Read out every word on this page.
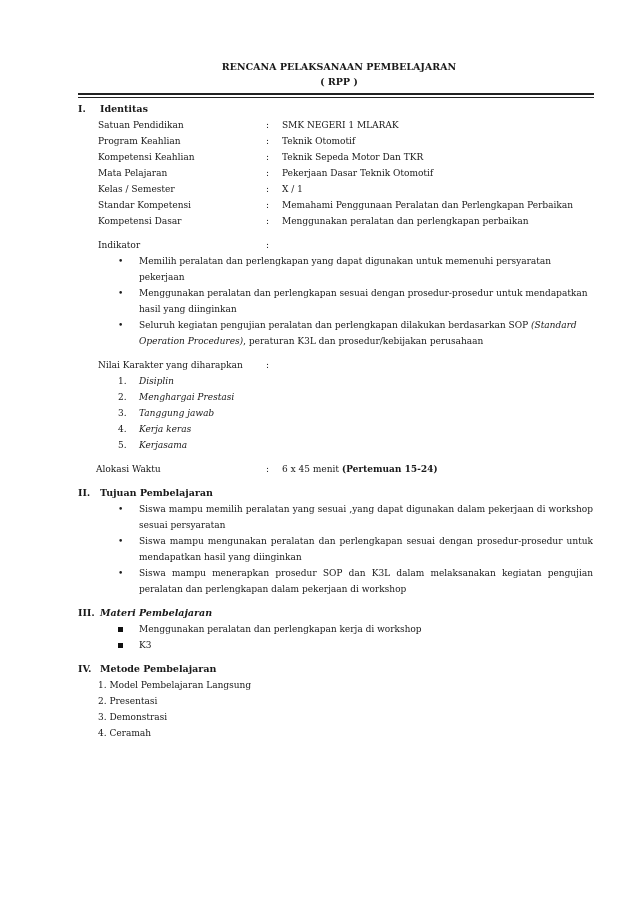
RENCANA PELAKSANAAN PEMBELAJARAN
( RPP )
I.	Identitas
Satuan Pendidikan	: SMK NEGERI 1 MLARAK
Program Keahlian	: Teknik Otomotif
Kompetensi Keahlian	: Teknik Sepeda Motor Dan TKR
Mata Pelajaran	: Pekerjaan Dasar Teknik Otomotif
Kelas / Semester	: X / 1
Standar Kompetensi	: Memahami Penggunaan Peralatan dan Perlengkapan Perbaikan
Kompetensi Dasar	: Menggunakan peralatan dan perlengkapan perbaikan
Indikator	:
• Memilih peralatan dan perlengkapan yang dapat digunakan untuk memenuhi persyaratan
pekerjaan
• Menggunakan peralatan dan perlengkapan sesuai dengan prosedur-prosedur untuk mendapatkan
hasil yang diinginkan
• Seluruh kegiatan pengujian peralatan dan perlengkapan dilakukan berdasarkan SOP (Standard
Operation Procedures), peraturan K3L dan prosedur/kebijakan perusahaan
Nilai Karakter yang diharapkan	:
1.	Disiplin
2.	Menghargai Prestasi
3.	Tanggung jawab
4.	Kerja keras
5.	Kerjasama
Alokasi Waktu	: 6 x 45 menit (Pertemuan 15-24)
II.	Tujuan Pembelajaran
• Siswa mampu memilih peralatan yang sesuai ,yang dapat digunakan dalam pekerjaan di workshop
sesuai persyaratan
• Siswa mampu mengunakan peralatan dan perlengkapan sesuai dengan prosedur-prosedur untuk
mendapatkan hasil yang diinginkan
• Siswa mampu menerapkan prosedur SOP dan K3L dalam melaksanakan kegiatan pengujian
peralatan dan perlengkapan dalam pekerjaan di workshop
III. Materi Pembelajaran
Menggunakan peralatan dan perlengkapan kerja di workshop
K3
IV. Metode Pembelajaran
1. Model Pembelajaran Langsung
2. Presentasi
3. Demonstrasi
4. Ceramah
